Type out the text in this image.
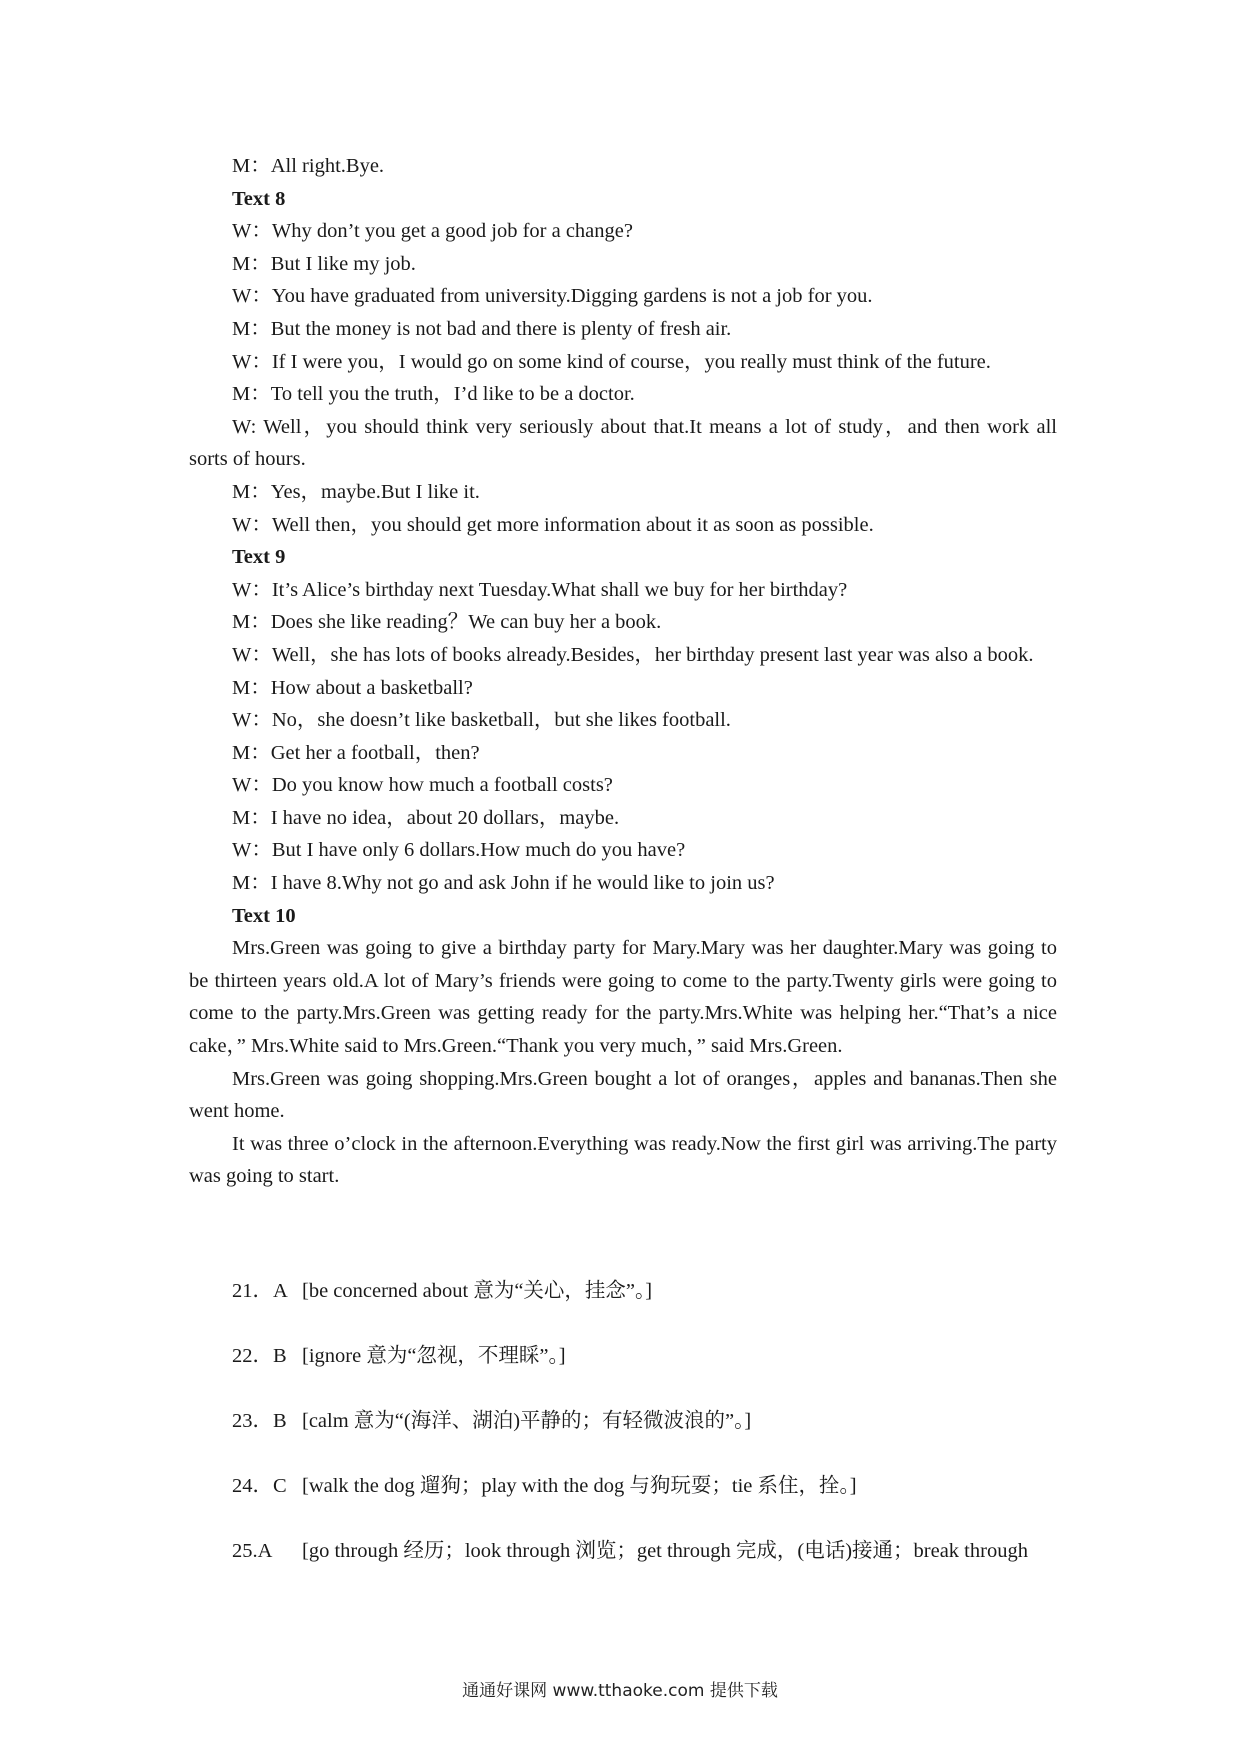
M：All right.Bye.

Text 8

W：Why don’t you get a good job for a change?

M：But I like my job.

W：You have graduated from university.Digging gardens is not a job for you.

M：But the money is not bad and there is plenty of fresh air.

W：If I were you，I would go on some kind of course，you really must think of the future.

M：To tell you the truth，I’d like to be a doctor.

W: Well，you should think very seriously about that.It means a lot of study，and then work all sorts of hours.

M：Yes，maybe.But I like it.

W：Well then，you should get more information about it as soon as possible.

Text 9

W：It’s Alice’s birthday next Tuesday.What shall we buy for her birthday?

M：Does she like reading？We can buy her a book.

W：Well，she has lots of books already.Besides，her birthday present last year was also a book.

M：How about a basketball?

W：No，she doesn’t like basketball，but she likes football.

M：Get her a football，then?

W：Do you know how much a football costs?

M：I have no idea，about 20 dollars，maybe.

W：But I have only 6 dollars.How much do you have?

M：I have 8.Why not go and ask John if he would like to join us?

Text 10

Mrs.Green was going to give a birthday party for Mary.Mary was her daughter.Mary was going to be thirteen years old.A lot of Mary’s friends were going to come to the party.Twenty girls were going to come to the party.Mrs.Green was getting ready for the party.Mrs.White was helping her.“That’s a nice cake，” Mrs.White said to Mrs.Green.“Thank you very much，” said Mrs.Green.

Mrs.Green was going shopping.Mrs.Green bought a lot of oranges，apples and bananas.Then she went home.

It was three o’clock in the afternoon.Everything was ready.Now the first girl was arriving.The party was going to start.

21．A [be concerned about 意为“关心，挂念”。]
22．B [ignore 意为“忽视，不理睬”。]
23．B [calm 意为“(海洋、湖泊)平静的；有轻微波浪的”。]
24．C [walk the dog 遛狗；play with the dog 与狗玩耍；tie 系住，拴。]
25.A [go through 经历；look through 浏览；get through 完成，(电话)接通；break through
通通好课网 www.tthaoke.com 提供下载
